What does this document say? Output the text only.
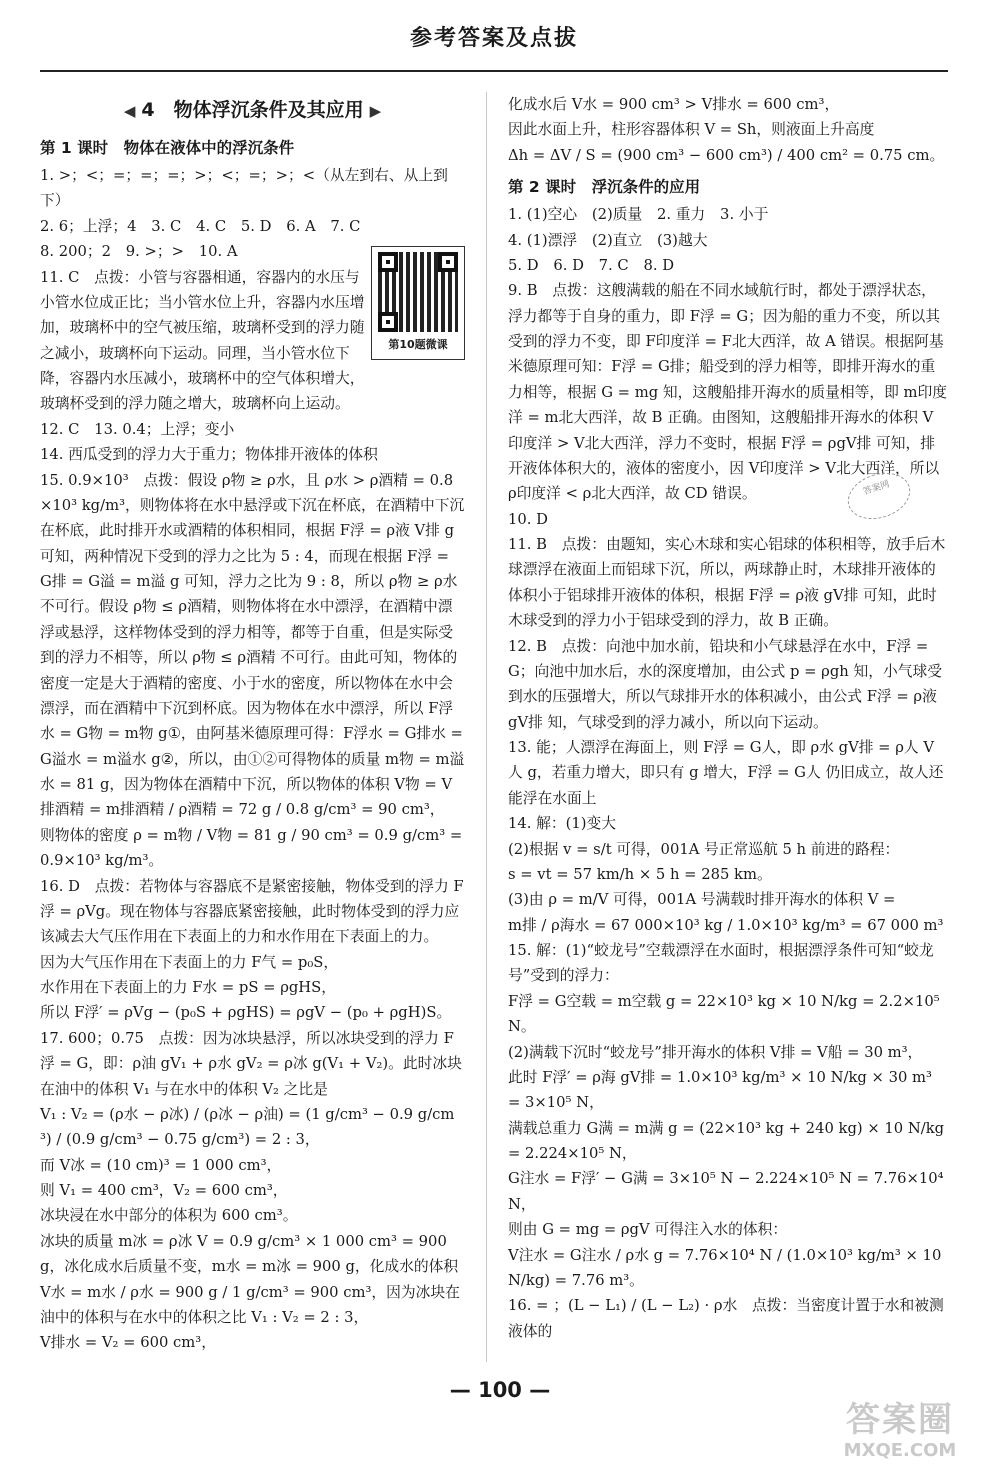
参考答案及点拔
◀ 4　物体浮沉条件及其应用 ▶
第 1 课时　物体在液体中的浮沉条件
1. >；<；=；=；=；>；<；=；>；<（从左到右、从上到下）
2. 6；上浮；4　3. C　4. C　5. D　6. A　7. C
8. 200；2　9. >；>　10. A
11. C　点拨：小管与容器相通，容器内的水压与小管水位成正比；当小管水位上升，容器内水压增加，玻璃杯中的空气被压缩，玻璃杯受到的浮力随之减小，玻璃杯向下运动。同理，当小管水位下降，容器内水压减小，玻璃杯中的空气体积增大，玻璃杯受到的浮力随之增大，玻璃杯向上运动。
12. C　13. 0.4；上浮；变小
14. 西瓜受到的浮力大于重力；物体排开液体的体积
15. 0.9×10³　点拨：假设 ρ物 ≥ ρ水，且 ρ水 > ρ酒精 = 0.8×10³ kg/m³，则物体将在水中悬浮或下沉在杯底，在酒精中下沉在杯底，此时排开水或酒精的体积相同，根据 F浮 = ρ液 V排 g 可知，两种情况下受到的浮力之比为 5 : 4，而现在根据 F浮 = G排 = G溢 = m溢 g 可知，浮力之比为 9 : 8，所以 ρ物 ≥ ρ水 不可行。假设 ρ物 ≤ ρ酒精，则物体将在水中漂浮，在酒精中漂浮或悬浮，这样物体受到的浮力相等，都等于自重，但是实际受到的浮力不相等，所以 ρ物 ≤ ρ酒精 不可行。由此可知，物体的密度一定是大于酒精的密度、小于水的密度，所以物体在水中会漂浮，而在酒精中下沉到杯底。因为物体在水中漂浮，所以 F浮水 = G物 = m物 g①，由阿基米德原理可得：F浮水 = G排水 = G溢水 = m溢水 g②，所以，由①②可得物体的质量 m物 = m溢水 = 81 g，因为物体在酒精中下沉，所以物体的体积 V物 = V排酒精 = m排酒精 / ρ酒精 = 72 g / 0.8 g/cm³ = 90 cm³，
则物体的密度 ρ = m物 / V物 = 81 g / 90 cm³ = 0.9 g/cm³ = 0.9×10³ kg/m³。
16. D　点拨：若物体与容器底不是紧密接触，物体受到的浮力 F浮 = ρVg。现在物体与容器底紧密接触，此时物体受到的浮力应该减去大气压作用在下表面上的力和水作用在下表面上的力。
因为大气压作用在下表面上的力 F气 = p₀S，
水作用在下表面上的力 F水 = pS = ρgHS，
所以 F浮′ = ρVg − (p₀S + ρgHS) = ρgV − (p₀ + ρgH)S。
17. 600；0.75　点拨：因为冰块悬浮，所以冰块受到的浮力 F浮 = G，即：ρ油 gV₁ + ρ水 gV₂ = ρ冰 g(V₁ + V₂)。此时冰块在油中的体积 V₁ 与在水中的体积 V₂ 之比是
V₁ : V₂ = (ρ水 − ρ冰) / (ρ冰 − ρ油) = (1 g/cm³ − 0.9 g/cm³) / (0.9 g/cm³ − 0.75 g/cm³) = 2 : 3，
而 V冰 = (10 cm)³ = 1 000 cm³，
则 V₁ = 400 cm³，V₂ = 600 cm³，
冰块浸在水中部分的体积为 600 cm³。
冰块的质量 m冰 = ρ冰 V = 0.9 g/cm³ × 1 000 cm³ = 900 g，冰化成水后质量不变，m水 = m冰 = 900 g，化成水的体积 V水 = m水 / ρ水 = 900 g / 1 g/cm³ = 900 cm³，因为冰块在油中的体积与在水中的体积之比 V₁ : V₂ = 2 : 3，
V排水 = V₂ = 600 cm³，
第10题微课
化成水后 V水 = 900 cm³ > V排水 = 600 cm³，
因此水面上升，柱形容器体积 V = Sh，则液面上升高度
Δh = ΔV / S = (900 cm³ − 600 cm³) / 400 cm² = 0.75 cm。
第 2 课时　浮沉条件的应用
1. (1)空心　(2)质量　2. 重力　3. 小于
4. (1)漂浮　(2)直立　(3)越大
5. D　6. D　7. C　8. D
9. B　点拨：这艘满载的船在不同水域航行时，都处于漂浮状态，浮力都等于自身的重力，即 F浮 = G；因为船的重力不变，所以其受到的浮力不变，即 F印度洋 = F北大西洋，故 A 错误。根据阿基米德原理可知：F浮 = G排；船受到的浮力相等，即排开海水的重力相等，根据 G = mg 知，这艘船排开海水的质量相等，即 m印度洋 = m北大西洋，故 B 正确。由图知，这艘船排开海水的体积 V印度洋 > V北大西洋，浮力不变时，根据 F浮 = ρgV排 可知，排开液体体积大的，液体的密度小，因 V印度洋 > V北大西洋，所以 ρ印度洋 < ρ北大西洋，故 CD 错误。
10. D
11. B　点拨：由题知，实心木球和实心铝球的体积相等，放手后木球漂浮在液面上而铝球下沉，所以，两球静止时，木球排开液体的体积小于铝球排开液体的体积，根据 F浮 = ρ液 gV排 可知，此时木球受到的浮力小于铝球受到的浮力，故 B 正确。
12. B　点拨：向池中加水前，铅块和小气球悬浮在水中，F浮 = G；向池中加水后，水的深度增加，由公式 p = ρgh 知，小气球受到水的压强增大，所以气球排开水的体积减小，由公式 F浮 = ρ液 gV排 知，气球受到的浮力减小，所以向下运动。
13. 能；人漂浮在海面上，则 F浮 = G人，即 ρ水 gV排 = ρ人 V人 g，若重力增大，即只有 g 增大，F浮 = G人 仍旧成立，故人还能浮在水面上
14. 解：(1)变大
(2)根据 v = s/t 可得，001A 号正常巡航 5 h 前进的路程：
s = vt = 57 km/h × 5 h = 285 km。
(3)由 ρ = m/V 可得，001A 号满载时排开海水的体积 V =
m排 / ρ海水 = 67 000×10³ kg / 1.0×10³ kg/m³ = 67 000 m³
15. 解：(1)“蛟龙号”空载漂浮在水面时，根据漂浮条件可知“蛟龙号”受到的浮力：
F浮 = G空载 = m空载 g = 22×10³ kg × 10 N/kg = 2.2×10⁵ N。
(2)满载下沉时“蛟龙号”排开海水的体积 V排 = V船 = 30 m³，
此时 F浮′ = ρ海 gV排 = 1.0×10³ kg/m³ × 10 N/kg × 30 m³ = 3×10⁵ N，
满载总重力 G满 = m满 g = (22×10³ kg + 240 kg) × 10 N/kg = 2.224×10⁵ N，
G注水 = F浮′ − G满 = 3×10⁵ N − 2.224×10⁵ N = 7.76×10⁴ N，
则由 G = mg = ρgV 可得注入水的体积：
V注水 = G注水 / ρ水 g = 7.76×10⁴ N / (1.0×10³ kg/m³ × 10 N/kg) = 7.76 m³。
16. = ；(L − L₁) / (L − L₂) · ρ水　点拨：当密度计置于水和被测液体的
答案网
— 100 —
答案圈
MXQE.COM
